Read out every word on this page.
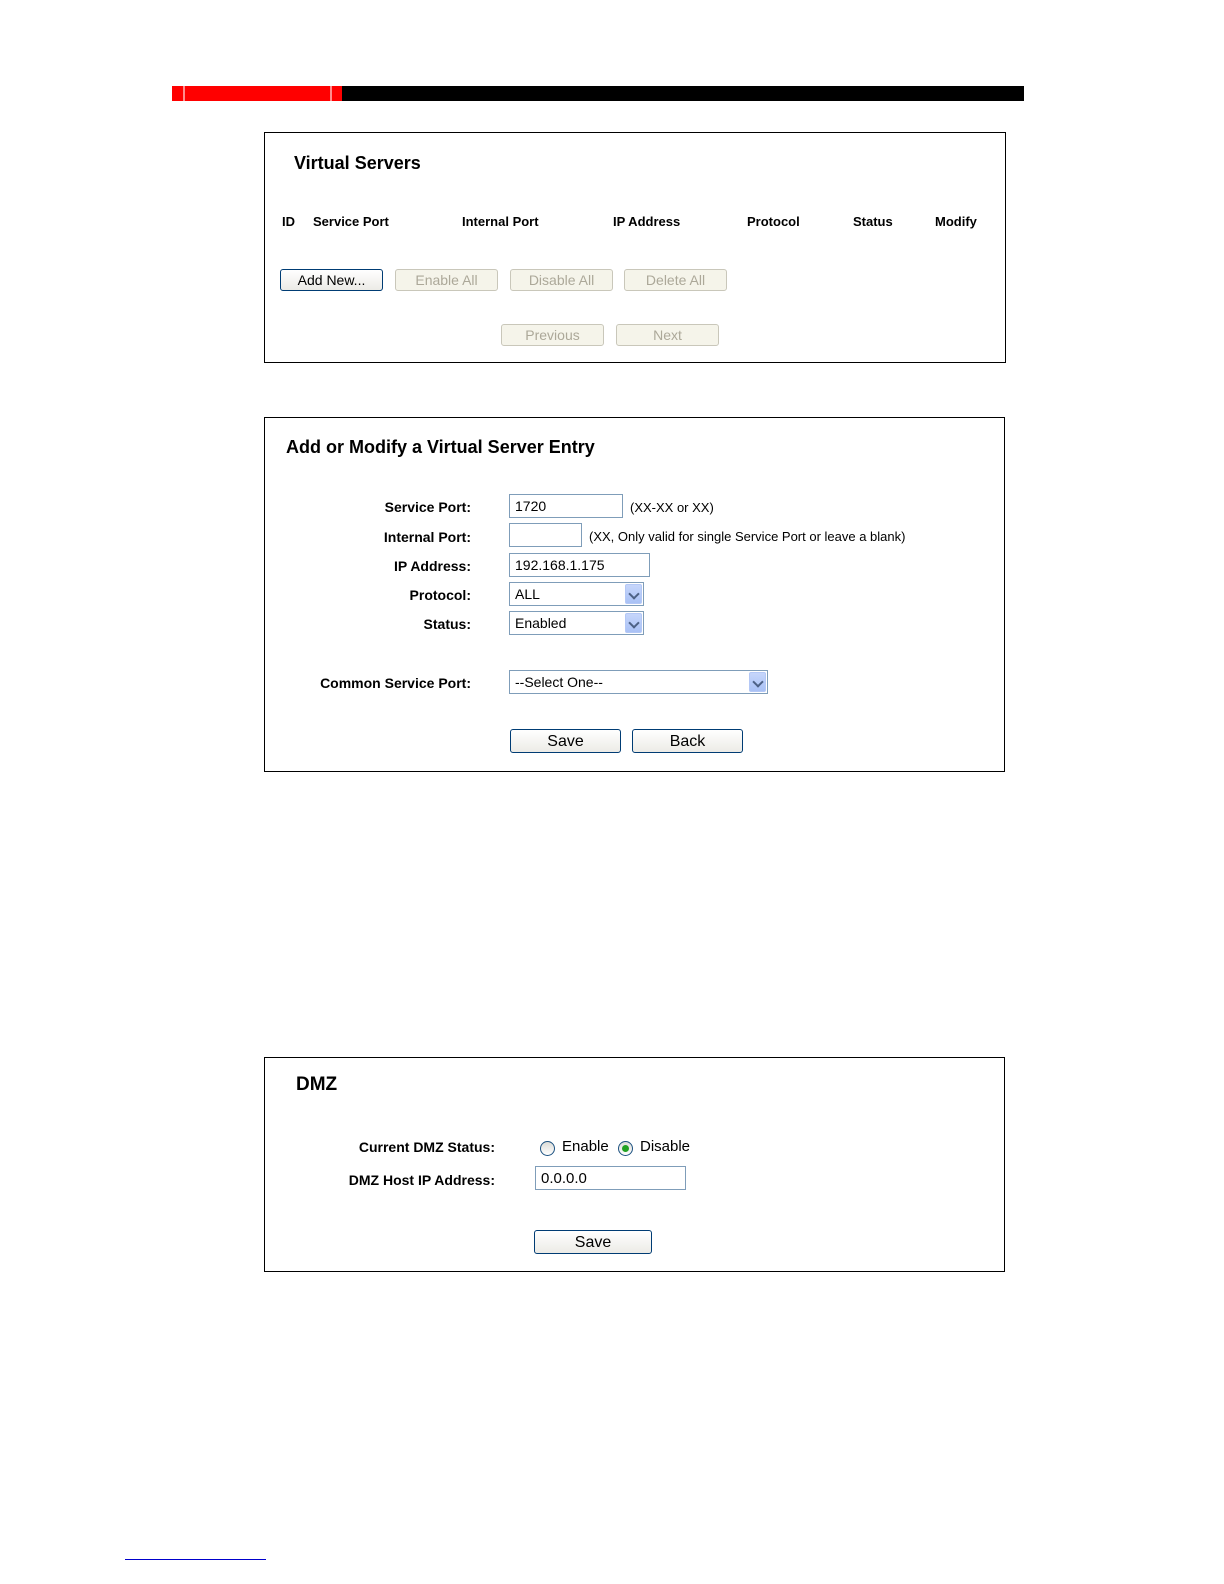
Virtual Servers
ID Service Port	Internal Port	IP Address	Protocol	Status	Modify
Add New...	Enable All	Disable All	Delete All
Previous	Next
Add or Modify a Virtual Server Entry
Service Port:
1720	(XX-XX or XX)
Internal Port:	(XX, Only valid for single Service Port or leave a blank)
IP Address:
192.168.1.175
Protocol:	ALL
Status:	Enabled
Common Service Port:	--Select One--
Save	Back
DMZ
Current DMZ Status:	Enable Disable
DMZ Host IP Address:
0.0.0.0
Save
